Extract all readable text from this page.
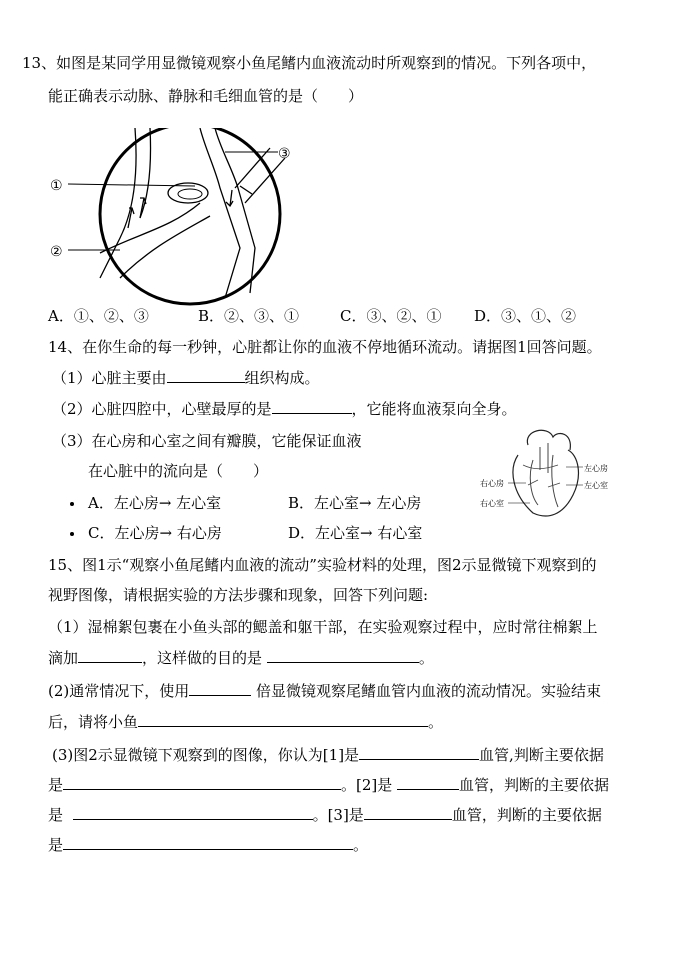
13、如图是某同学用显微镜观察小鱼尾鳍内血液流动时所观察到的情况。下列各项中，
能正确表示动脉、静脉和毛细血管的是（　　）
①
②
③
A．①、②、③	B．②、③、①	C．③、②、① D．③、①、②
14、在你生命的每一秒钟，心脏都让你的血液不停地循环流动。请据图1回答问题。
（1）心脏主要由	组织构成。
（2）心脏四腔中，心壁最厚的是	，它能将血液泵向全身。
（3）在心房和心室之间有瓣膜，它能保证血液
在心脏中的流向是（　　）
A．左心房→ 左心室	B．左心室→ 左心房
C．左心房→ 右心房	D．左心室→ 右心室
左心房
左心室
右心房
右心室
15、图1示“观察小鱼尾鳍内血液的流动”实验材料的处理，图2示显微镜下观察到的
视野图像，请根据实验的方法步骤和现象，回答下列问题:
（1）湿棉絮包裹在小鱼头部的鳃盖和躯干部，在实验观察过程中，应时常往棉絮上
滴加	，这样做的目的是	。
(2)通常情况下，使用	倍显微镜观察尾鳍血管内血液的流动情况。实验结束
后，请将小鱼	。
(3)图2示显微镜下观察到的图像，你认为[1]是	血管,判断主要依据
是	。[2]是	血管，判断的主要依据
是	。[3]是	血管，判断的主要依据
是	。
